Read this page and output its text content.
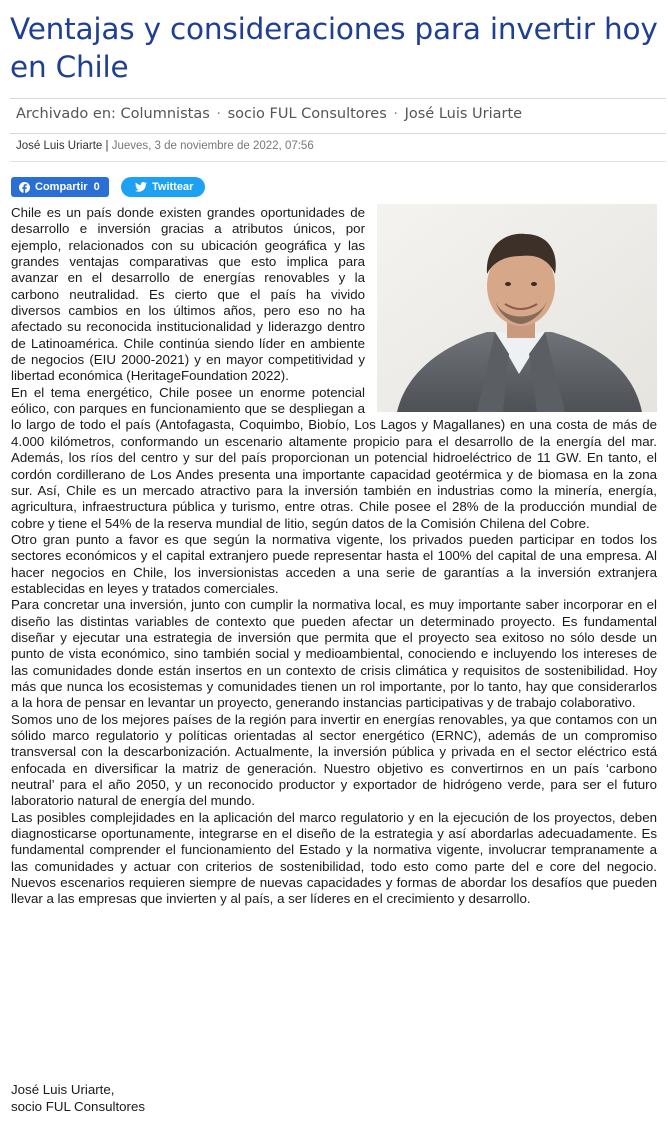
Ventajas y consideraciones para invertir hoy en Chile
Archivado en: Columnistas · socio FUL Consultores · José Luis Uriarte
José Luis Uriarte | Jueves, 3 de noviembre de 2022, 07:56
Compartir 0	Twittear

Chile es un país donde existen grandes oportunidades de desarrollo e inversión gracias a atributos únicos, por ejemplo, relacionados con su ubicación geográfica y las grandes ventajas comparativas que esto implica para avanzar en el desarrollo de energías renovables y la carbono neutralidad. Es cierto que el país ha vivido diversos cambios en los últimos años, pero eso no ha afectado su reconocida institucionalidad y liderazgo dentro de Latinoamérica. Chile continúa siendo líder en ambiente de negocios (EIU 2000-2021) y en mayor competitividad y libertad económica (HeritageFoundation 2022).

En el tema energético, Chile posee un enorme potencial eólico, con parques en funcionamiento que se despliegan a lo largo de todo el país (Antofagasta, Coquimbo, Biobío, Los Lagos y Magallanes) en una costa de más de 4.000 kilómetros, conformando un escenario altamente propicio para el desarrollo de la energía del mar. Además, los ríos del centro y sur del país proporcionan un potencial hidroeléctrico de 11 GW. En tanto, el cordón cordillerano de Los Andes presenta una importante capacidad geotérmica y de biomasa en la zona sur. Así, Chile es un mercado atractivo para la inversión también en industrias como la minería, energía, agricultura, infraestructura pública y turismo, entre otras. Chile posee el 28% de la producción mundial de cobre y tiene el 54% de la reserva mundial de litio, según datos de la Comisión Chilena del Cobre.

Otro gran punto a favor es que según la normativa vigente, los privados pueden participar en todos los sectores económicos y el capital extranjero puede representar hasta el 100% del capital de una empresa. Al hacer negocios en Chile, los inversionistas acceden a una serie de garantías a la inversión extranjera establecidas en leyes y tratados comerciales.

Para concretar una inversión, junto con cumplir la normativa local, es muy importante saber incorporar en el diseño las distintas variables de contexto que pueden afectar un determinado proyecto. Es fundamental diseñar y ejecutar una estrategia de inversión que permita que el proyecto sea exitoso no sólo desde un punto de vista económico, sino también social y medioambiental, conociendo e incluyendo los intereses de las comunidades donde están insertos en un contexto de crisis climática y requisitos de sostenibilidad. Hoy más que nunca los ecosistemas y comunidades tienen un rol importante, por lo tanto, hay que considerarlos a la hora de pensar en levantar un proyecto, generando instancias participativas y de trabajo colaborativo.

Somos uno de los mejores países de la región para invertir en energías renovables, ya que contamos con un sólido marco regulatorio y políticas orientadas al sector energético (ERNC), además de un compromiso transversal con la descarbonización. Actualmente, la inversión pública y privada en el sector eléctrico está enfocada en diversificar la matriz de generación. Nuestro objetivo es convertirnos en un país ‘carbono neutral’ para el año 2050, y un reconocido productor y exportador de hidrógeno verde, para ser el futuro laboratorio natural de energía del mundo.

Las posibles complejidades en la aplicación del marco regulatorio y en la ejecución de los proyectos, deben diagnosticarse oportunamente, integrarse en el diseño de la estrategia y así abordarlas adecuadamente. Es fundamental comprender el funcionamiento del Estado y la normativa vigente, involucrar tempranamente a las comunidades y actuar con criterios de sostenibilidad, todo esto como parte del e core del negocio. Nuevos escenarios requieren siempre de nuevas capacidades y formas de abordar los desafíos que pueden llevar a las empresas que invierten y al país, a ser líderes en el crecimiento y desarrollo.

José Luis Uriarte,
socio FUL Consultores
